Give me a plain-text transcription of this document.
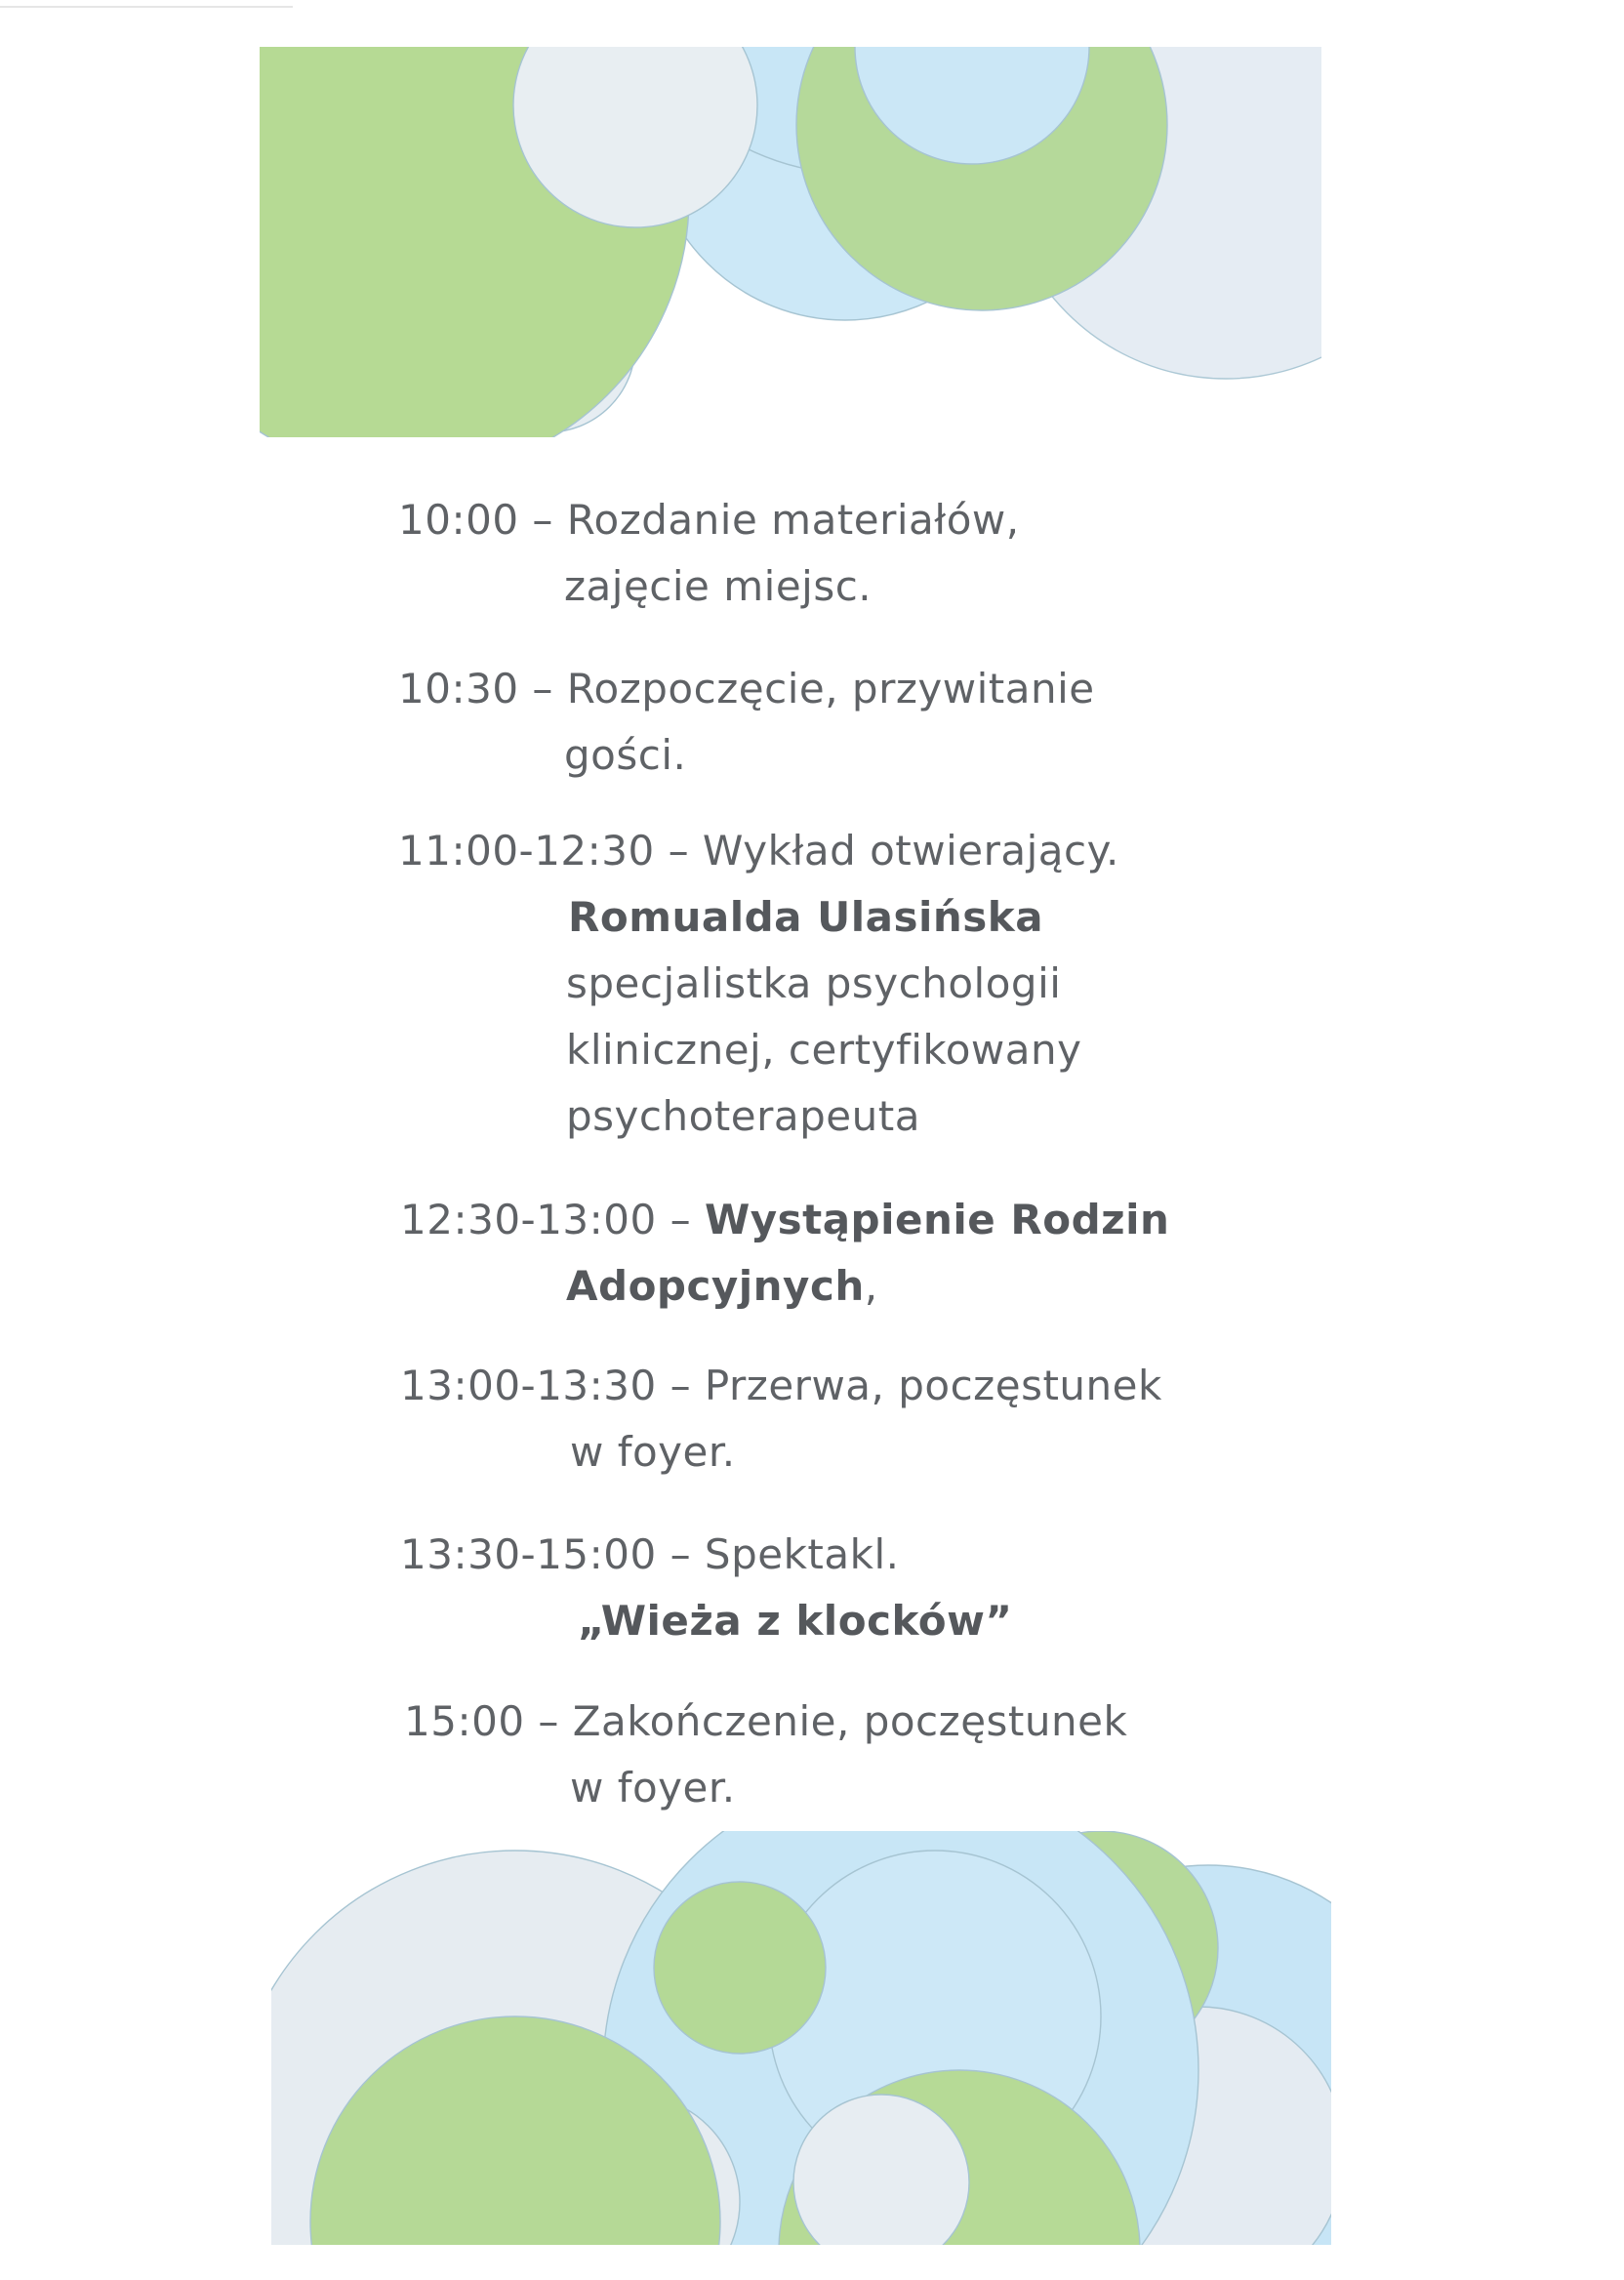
10:00 – Rozdanie materiałów,
zajęcie miejsc.
10:30 – Rozpoczęcie, przywitanie
gości.
11:00-12:30 – Wykład otwierający.
Romualda Ulasińska
specjalistka psychologii
klinicznej, certyfikowany
psychoterapeuta
12:30-13:00 – Wystąpienie Rodzin
Adopcyjnych,
13:00-13:30 – Przerwa, poczęstunek
w foyer.
13:30-15:00 – Spektakl.
„Wieża z klocków”
15:00 – Zakończenie, poczęstunek
w foyer.
